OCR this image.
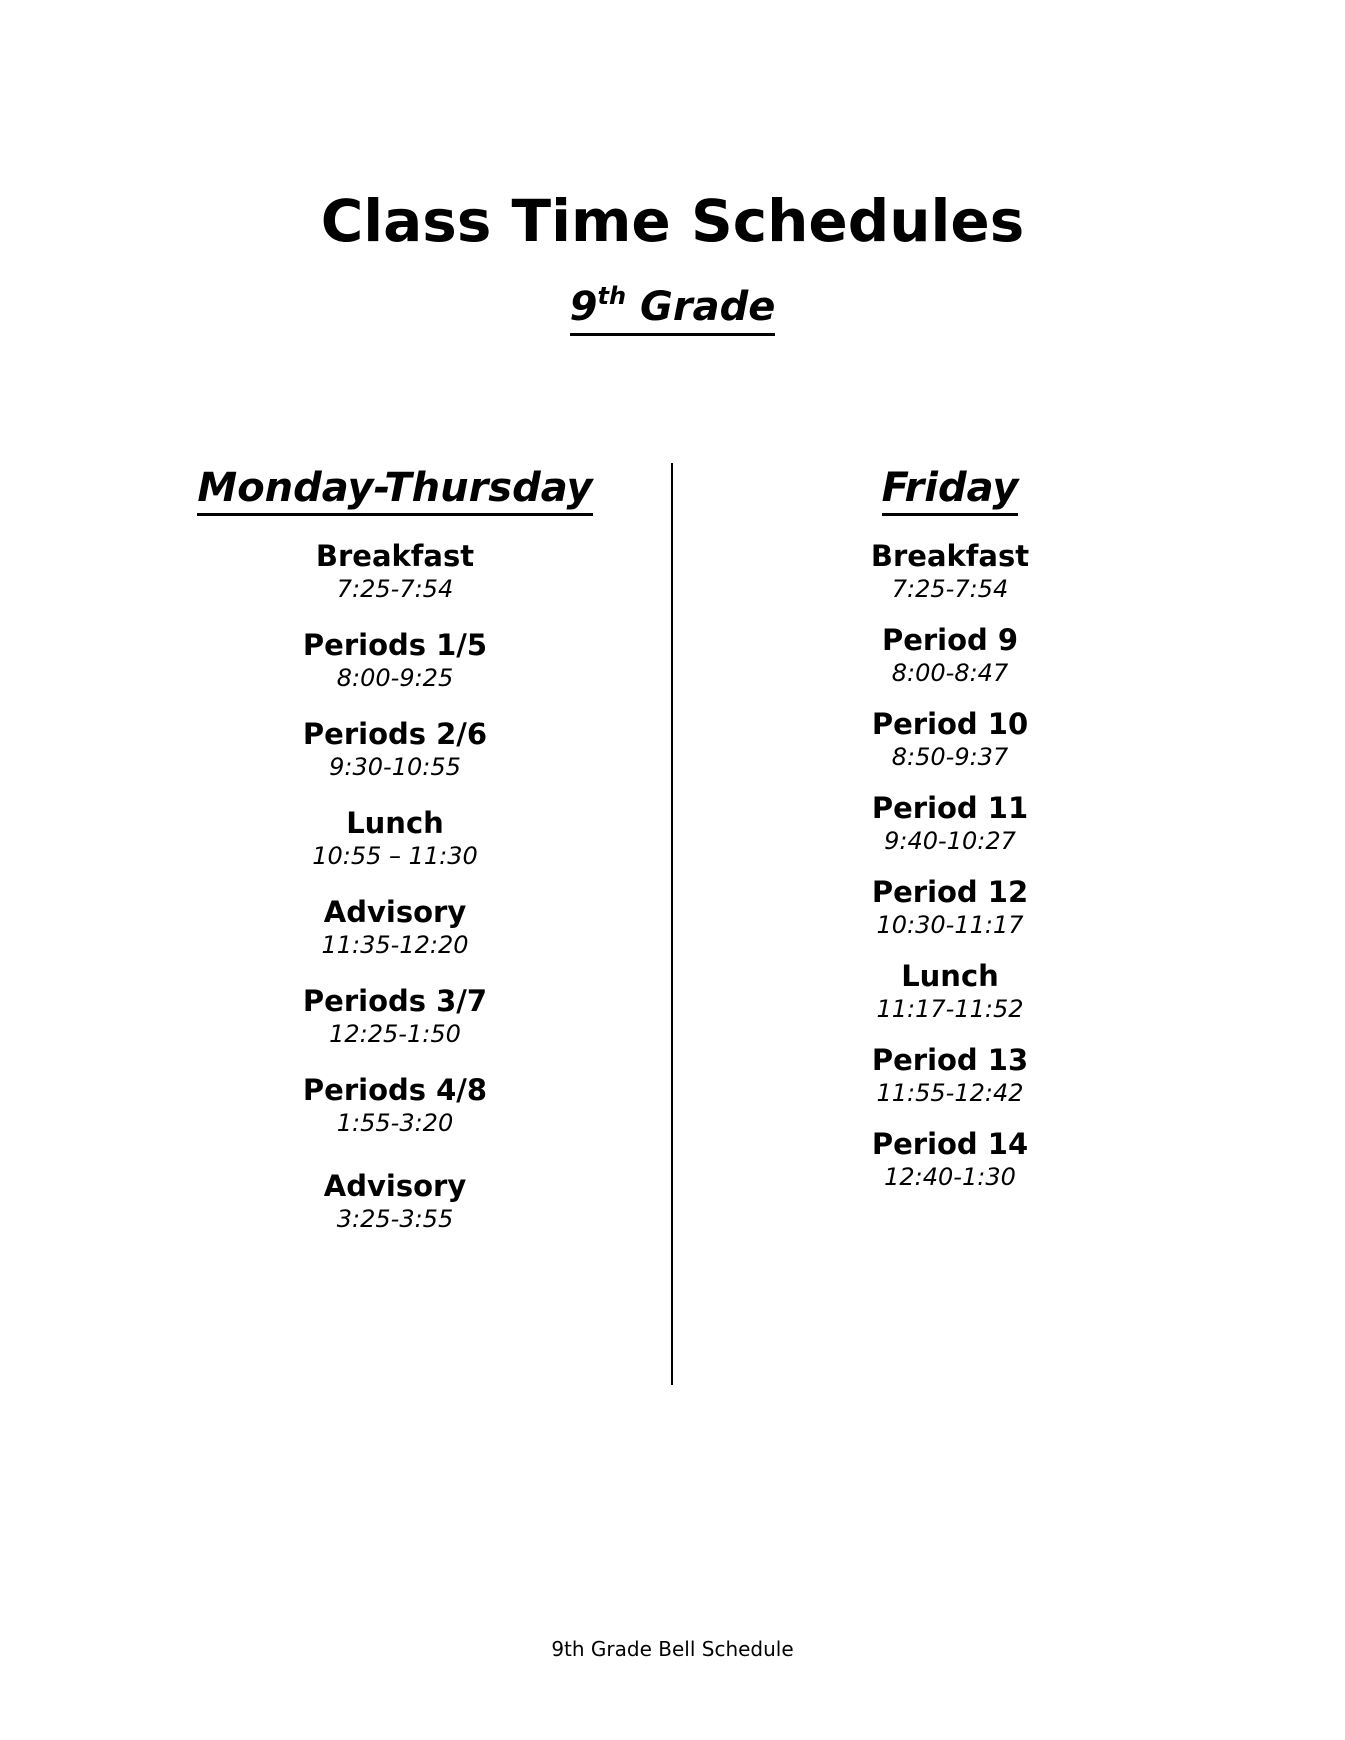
Class Time Schedules
9th Grade
Monday-Thursday
Breakfast
7:25-7:54
Periods 1/5
8:00-9:25
Periods 2/6
9:30-10:55
Lunch
10:55 – 11:30
Advisory
11:35-12:20
Periods 3/7
12:25-1:50
Periods 4/8
1:55-3:20
Advisory
3:25-3:55
Friday
Breakfast
7:25-7:54
Period 9
8:00-8:47
Period 10
8:50-9:37
Period 11
9:40-10:27
Period 12
10:30-11:17
Lunch
11:17-11:52
Period 13
11:55-12:42
Period 14
12:40-1:30
9th Grade Bell Schedule
